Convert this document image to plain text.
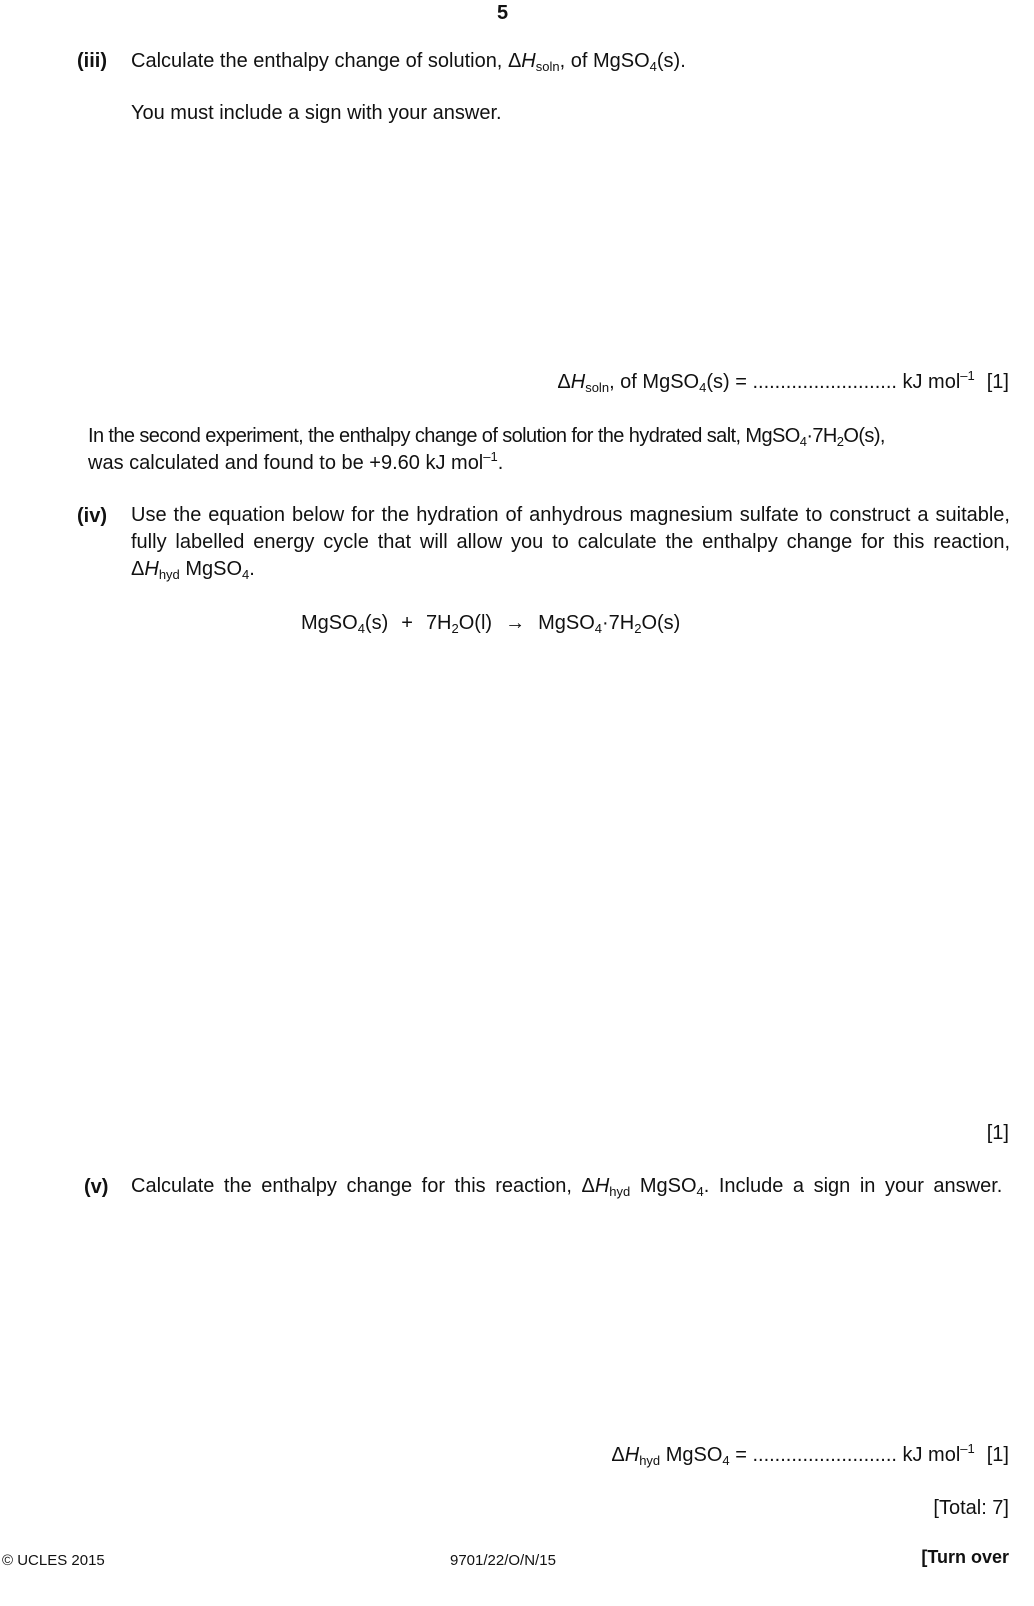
5
(iii) Calculate the enthalpy change of solution, $\Delta H_{soln}$, of MgSO$_4$(s).
You must include a sign with your answer.
$\Delta H_{soln}$, of MgSO$_4$(s) = .......................... kJ mol$^{-1}$ [1]
In the second experiment, the enthalpy change of solution for the hydrated salt, $MgSO_4\cdot 7H_2O(s)$,
was calculated and found to be +9.60 kJ mol$^{-1}$.
(iv) Use the equation below for the hydration of anhydrous magnesium sulfate to construct a suitable, fully labelled energy cycle that will allow you to calculate the enthalpy change for this reaction, $\Delta H_{hyd}$ MgSO$_4$.
MgSO$_4$(s) + $7H_2O(l)$ → $MgSO_4\cdot 7H_2O(s)$
[1]
(v) Calculate the enthalpy change for this reaction, $\Delta H_{hyd}$ MgSO$_4$. Include a sign in your answer.
$\Delta H_{hyd}$ MgSO$_4$ = .......................... kJ mol$^{-1}$ [1]
[Total: 7]
© UCLES 2015	9701/22/O/N/15	[Turn over
